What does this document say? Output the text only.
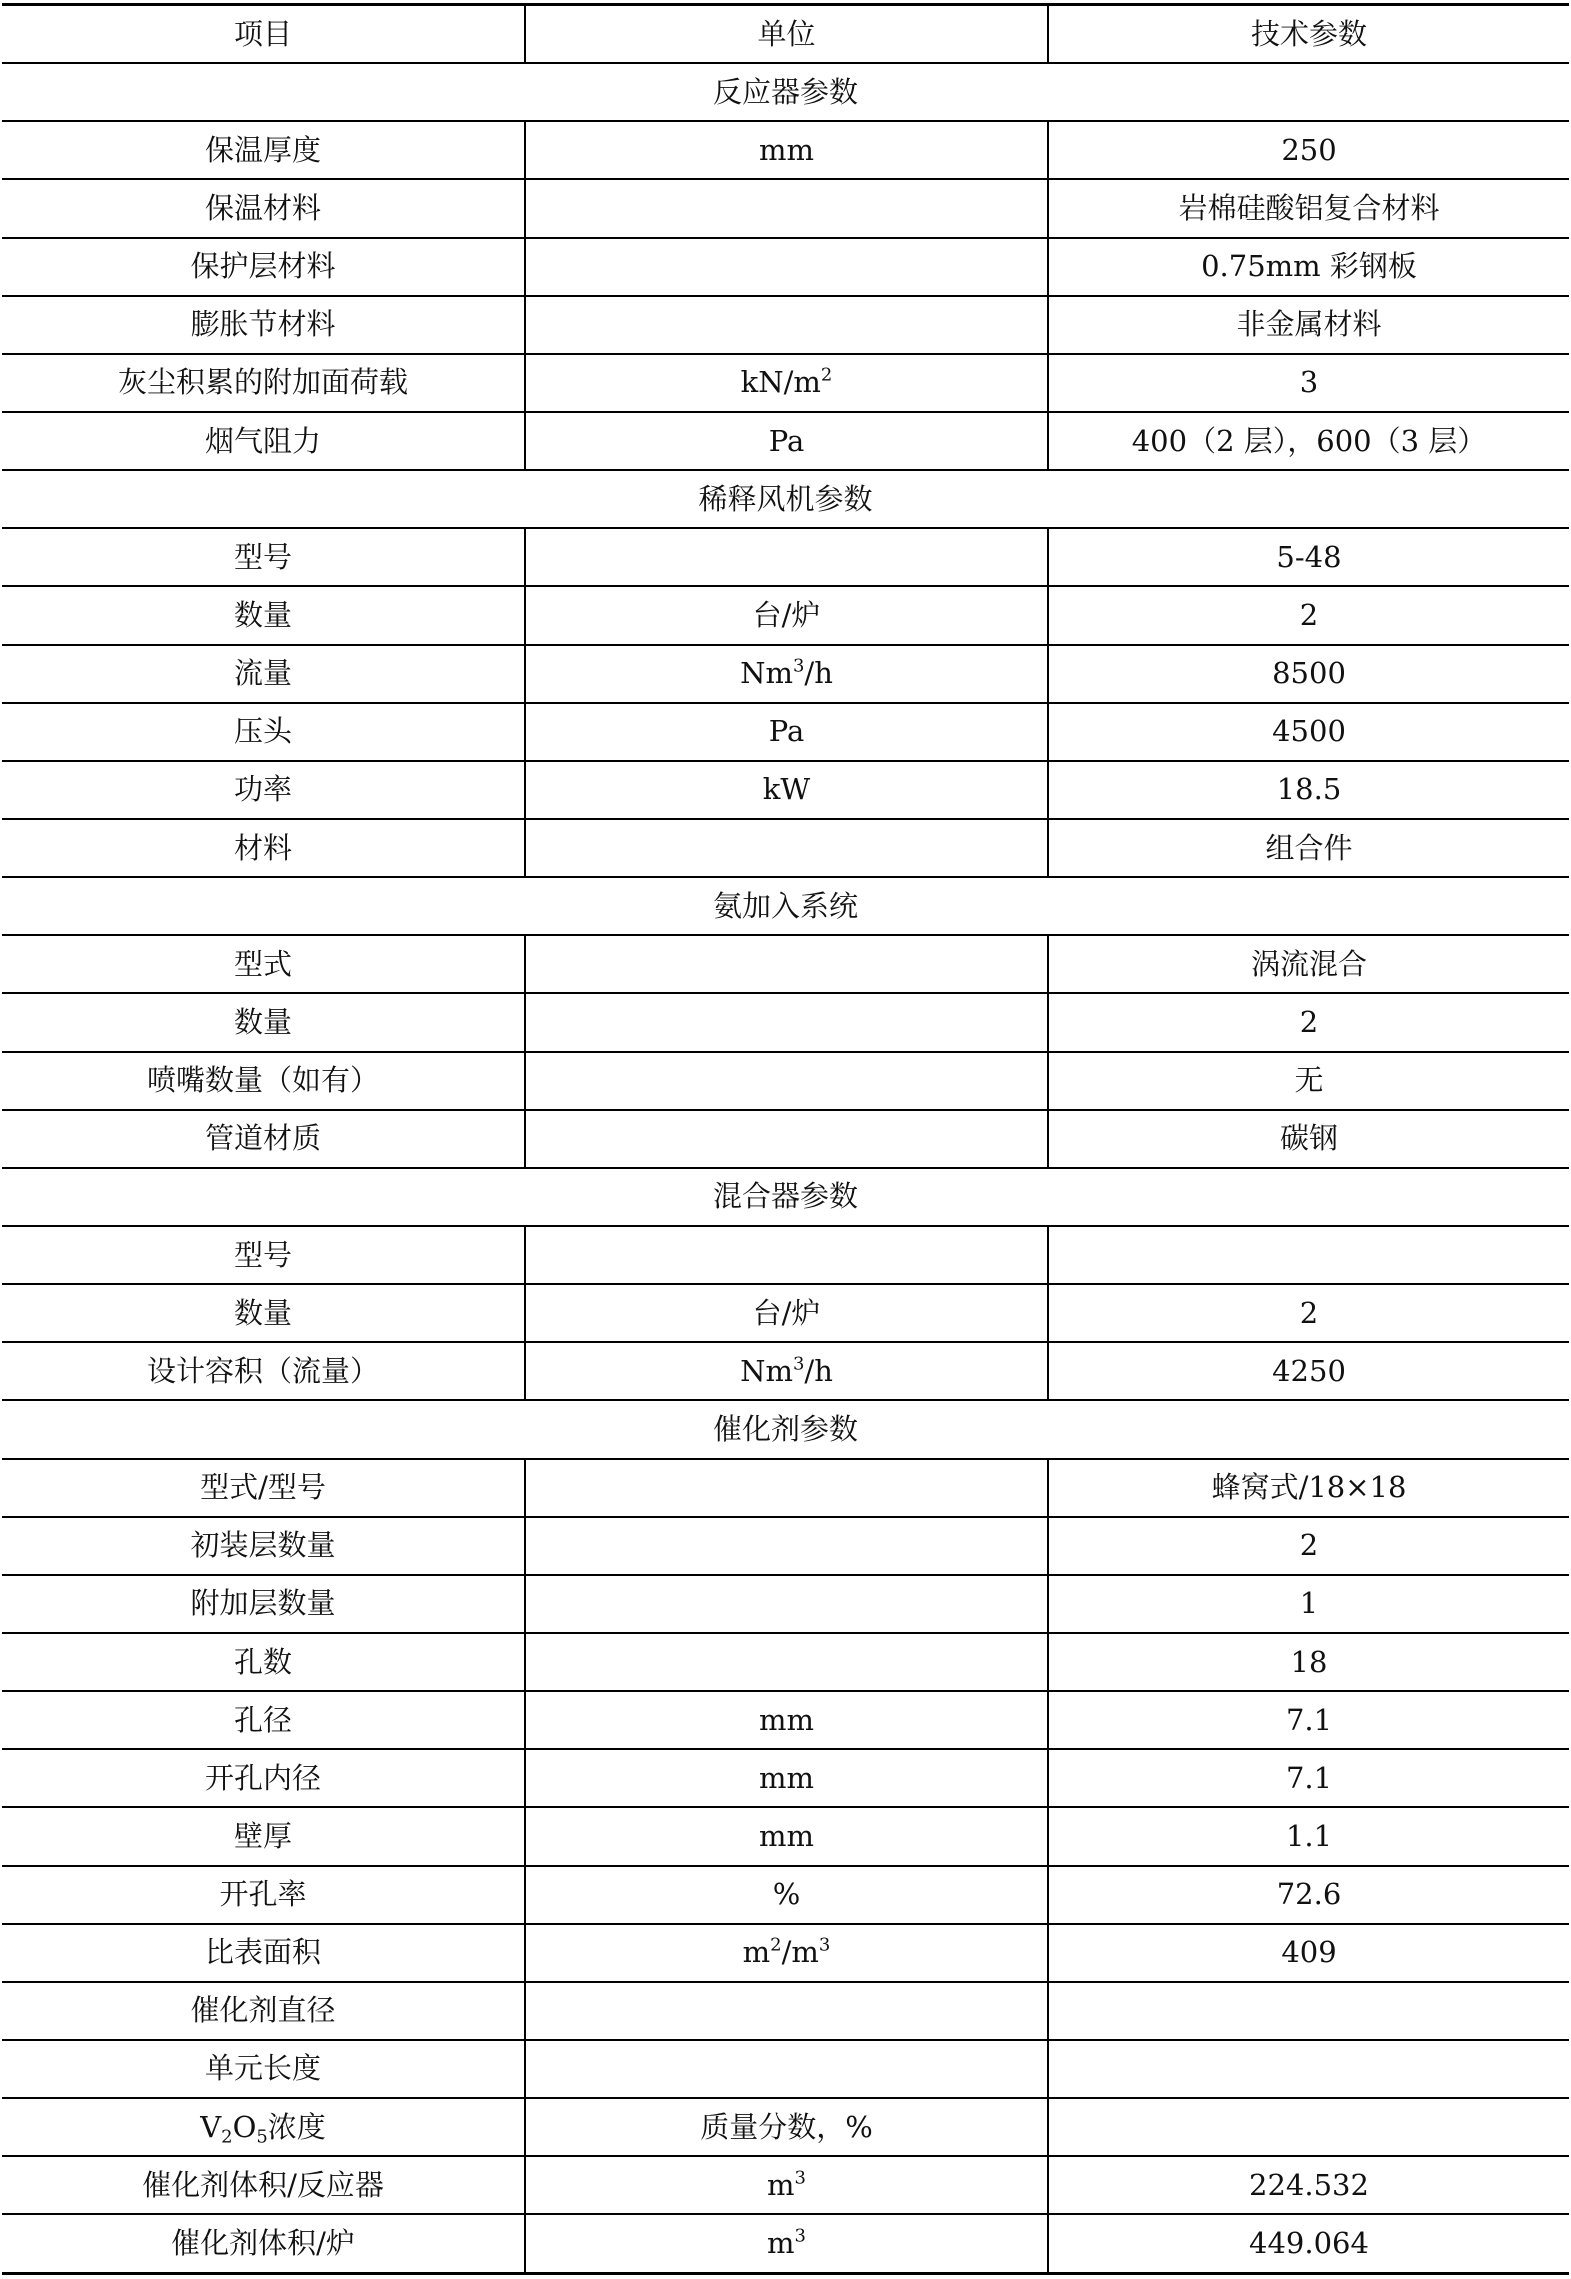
项目	单位	技术参数
反应器参数		
保温厚度	mm	250
保温材料		岩棉硅酸铝复合材料
保护层材料		0.75mm 彩钢板
膨胀节材料		非金属材料
灰尘积累的附加面荷载	$kN/m^2$	3
烟气阻力	Pa	400（2 层），600（3 层）
稀释风机参数		
型号		5-48
数量	台/炉	2
流量	Nm$^3$/h	8500
压头	Pa	4500
功率	kW	18.5
材料		组合件
氨加入系统		
型式		涡流混合
数量		2
喷嘴数量（如有）		无
管道材质		碳钢
混合器参数		
型号		
数量	台/炉	2
设计容积（流量）	Nm$^3$/h	4250
催化剂参数		
型式/型号		蜂窝式/18×18
初装层数量		2
附加层数量		1
孔数		18
孔径	mm	7.1
开孔内径	mm	7.1
壁厚	mm	1.1
开孔率	%	72.6
比表面积	$m^2/m^3$	409
催化剂直径		
单元长度		
$V_2O_5$浓度	质量分数，%	
催化剂体积/反应器	$m^3$	224.532
催化剂体积/炉	$m^3$	449.064
